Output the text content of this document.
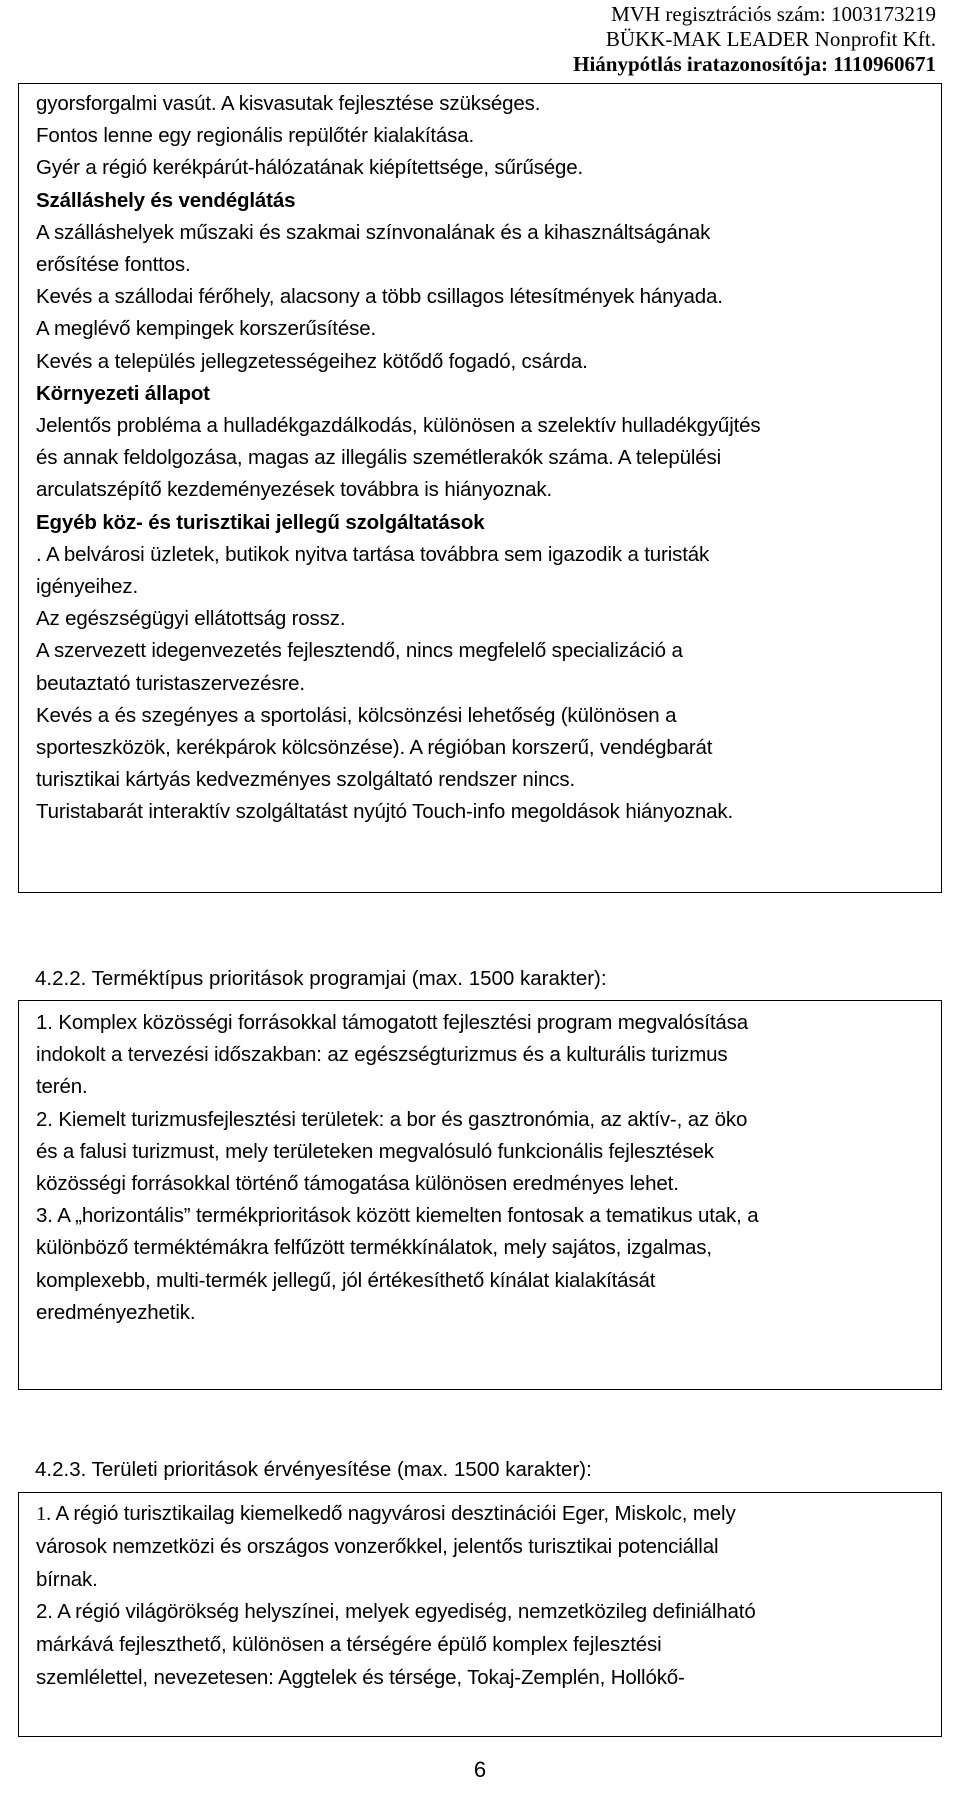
MVH regisztrációs szám: 1003173219
BÜKK-MAK LEADER Nonprofit Kft.
Hiánypótlás iratazonosítója: 1110960671
gyorsforgalmi vasút. A kisvasutak fejlesztése szükséges.
Fontos lenne egy regionális repülőtér kialakítása.
Gyér a régió kerékpárút-hálózatának kiépítettsége, sűrűsége.
Szálláshely és vendéglátás
A szálláshelyek műszaki és szakmai színvonalának és a kihasználtságának
erősítése fonttos.
Kevés a szállodai férőhely, alacsony a több csillagos létesítmények hányada.
A meglévő kempingek korszerűsítése.
Kevés a település jellegzetességeihez kötődő fogadó, csárda.
Környezeti állapot
Jelentős probléma a hulladékgazdálkodás, különösen a szelektív hulladékgyűjtés
és annak feldolgozása, magas az illegális szemétlerakók száma. A települési
arculatszépítő kezdeményezések továbbra is hiányoznak.
Egyéb köz- és turisztikai jellegű szolgáltatások
. A belvárosi üzletek, butikok nyitva tartása továbbra sem igazodik a turisták
igényeihez.
Az egészségügyi ellátottság rossz.
A szervezett idegenvezetés fejlesztendő, nincs megfelelő specializáció a
beutaztató turistaszervezésre.
Kevés a és szegényes a sportolási, kölcsönzési lehetőség (különösen a
sporteszközök, kerékpárok kölcsönzése). A régióban korszerű, vendégbarát
turisztikai kártyás kedvezményes szolgáltató rendszer nincs.
Turistabarát interaktív szolgáltatást nyújtó Touch-info megoldások hiányoznak.
4.2.2. Terméktípus prioritások programjai (max. 1500 karakter):
1. Komplex közösségi forrásokkal támogatott fejlesztési program megvalósítása
indokolt a tervezési időszakban: az egészségturizmus és a kulturális turizmus
terén.
2. Kiemelt turizmusfejlesztési területek: a bor és gasztronómia, az aktív-, az öko
és a falusi turizmust, mely területeken megvalósuló funkcionális fejlesztések
közösségi forrásokkal történő támogatása különösen eredményes lehet.
3. A „horizontális” termékprioritások között kiemelten fontosak a tematikus utak, a
különböző terméktémákra felfűzött termékkínálatok, mely sajátos, izgalmas,
komplexebb, multi-termék jellegű, jól értékesíthető kínálat kialakítását
eredményezhetik.
4.2.3. Területi prioritások érvényesítése (max. 1500 karakter):
1. A régió turisztikailag kiemelkedő nagyvárosi desztinációi Eger, Miskolc, mely
városok nemzetközi és országos vonzerőkkel, jelentős turisztikai potenciállal
bírnak.
2. A régió világörökség helyszínei, melyek egyediség, nemzetközileg definiálható
márkává fejleszthető, különösen a térségére épülő komplex fejlesztési
szemlélettel, nevezetesen: Aggtelek és térsége, Tokaj-Zemplén, Hollókő-
6
